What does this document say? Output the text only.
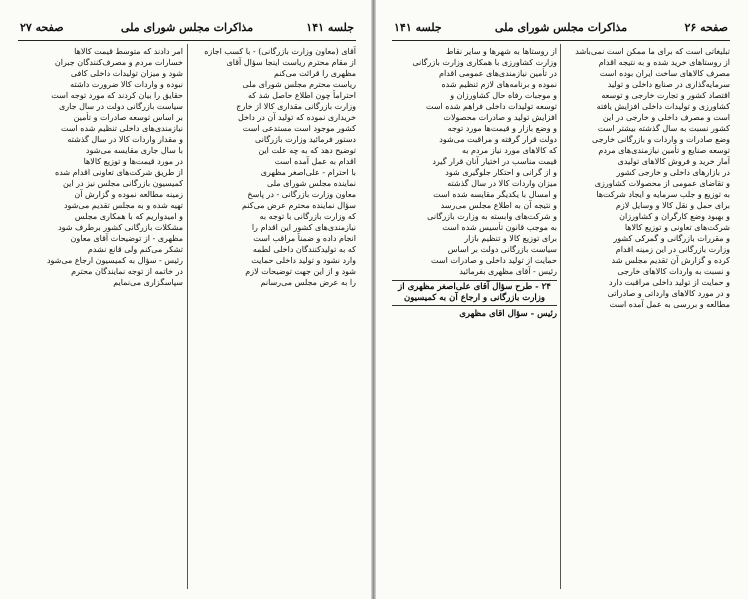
صفحه ۲۶
مذاکرات مجلس شورای ملی
جلسه ۱۴۱
تبلیغاتی است که برای ما ممکن است نمی‌باشد
از روستاهای خرید شده و به نتیجه اقدام
مصرف کالاهای ساخت ایران بوده است
سرمایه‌گذاری در صنایع داخلی و تولید
اقتصاد کشور و تجارت خارجی و توسعه
کشاورزی و تولیدات داخلی افزایش یافته
است و مصرف داخلی و خارجی در این
کشور نسبت به سال گذشته بیشتر است
وضع صادرات و واردات و بازرگانی خارجی
توسعه صنایع و تأمین نیازمندی‌های مردم
آمار خرید و فروش کالاهای تولیدی
در بازارهای داخلی و خارجی کشور
و تقاضای عمومی از محصولات کشاورزی
به توزیع و جلب سرمایه و ایجاد شرکت‌ها
برای حمل و نقل کالا و وسایل لازم
و بهبود وضع کارگران و کشاورزان
شرکت‌های تعاونی و توزیع کالاها
و مقررات بازرگانی و گمرکی کشور
وزارت بازرگانی در این زمینه اقدام
کرده و گزارش آن تقدیم مجلس شد
و نسبت به واردات کالاهای خارجی
و حمایت از تولید داخلی مراقبت دارد
و در مورد کالاهای وارداتی و صادراتی
مطالعه و بررسی به عمل آمده است
از روستاها به شهرها و سایر نقاط
وزارت کشاورزی با همکاری وزارت بازرگانی
در تأمین نیازمندی‌های عمومی اقدام
نموده و برنامه‌های لازم تنظیم شده
و موجبات رفاه حال کشاورزان و
توسعه تولیدات داخلی فراهم شده است
افزایش تولید و صادرات محصولات
و وضع بازار و قیمت‌ها مورد توجه
دولت قرار گرفته و مراقبت می‌شود
که کالاهای مورد نیاز مردم به
قیمت مناسب در اختیار آنان قرار گیرد
و از گرانی و احتکار جلوگیری شود
میزان واردات کالا در سال گذشته
و امسال با یکدیگر مقایسه شده است
و نتیجه آن به اطلاع مجلس می‌رسد
و شرکت‌های وابسته به وزارت بازرگانی
به موجب قانون تأسیس شده است
برای توزیع کالا و تنظیم بازار
سیاست بازرگانی دولت بر اساس
حمایت از تولید داخلی و صادرات است
رئیس - آقای مظهری بفرمائید
۲۴ - طرح سؤال آقای علی‌اصغر مظهری از وزارت بازرگانی و ارجاع آن به کمیسیون
رئیس - سؤال آقای مظهری
جلسه ۱۴۱
مذاکرات مجلس شورای ملی
صفحه ۲۷
آقای (معاون وزارت بازرگانی) - با کسب اجازه
از مقام محترم ریاست اینجا سؤال آقای
مظهری را قرائت می‌کنم
ریاست محترم مجلس شورای ملی
احتراماً چون اطلاع حاصل شد که
وزارت بازرگانی مقداری کالا از خارج
خریداری نموده که تولید آن در داخل
کشور موجود است مستدعی است
دستور فرمائید وزارت بازرگانی
توضیح دهد که به چه علت این
اقدام به عمل آمده است
با احترام - علی‌اصغر مظهری
نماینده مجلس شورای ملی
معاون وزارت بازرگانی - در پاسخ
سؤال نماینده محترم عرض می‌کنم
که وزارت بازرگانی با توجه به
نیازمندی‌های کشور این اقدام را
انجام داده و ضمناً مراقب است
که به تولیدکنندگان داخلی لطمه
وارد نشود و تولید داخلی حمایت
شود و از این جهت توضیحات لازم
را به عرض مجلس می‌رسانم
امر دادند که متوسط قیمت کالاها
خسارات مردم و مصرف‌کنندگان جبران
شود و میزان تولیدات داخلی کافی
نبوده و واردات کالا ضرورت داشته
حقایق را بیان کردند که مورد توجه است
سیاست بازرگانی دولت در سال جاری
بر اساس توسعه صادرات و تأمین
نیازمندی‌های داخلی تنظیم شده است
و مقدار واردات کالا در سال گذشته
با سال جاری مقایسه می‌شود
در مورد قیمت‌ها و توزیع کالاها
از طریق شرکت‌های تعاونی اقدام شده
کمیسیون بازرگانی مجلس نیز در این
زمینه مطالعه نموده و گزارش آن
تهیه شده و به مجلس تقدیم می‌شود
و امیدواریم که با همکاری مجلس
مشکلات بازرگانی کشور برطرف شود
مظهری - از توضیحات آقای معاون
تشکر می‌کنم ولی قانع نشدم
رئیس - سؤال به کمیسیون ارجاع می‌شود
در خاتمه از توجه نمایندگان محترم
سپاسگزاری می‌نمایم
